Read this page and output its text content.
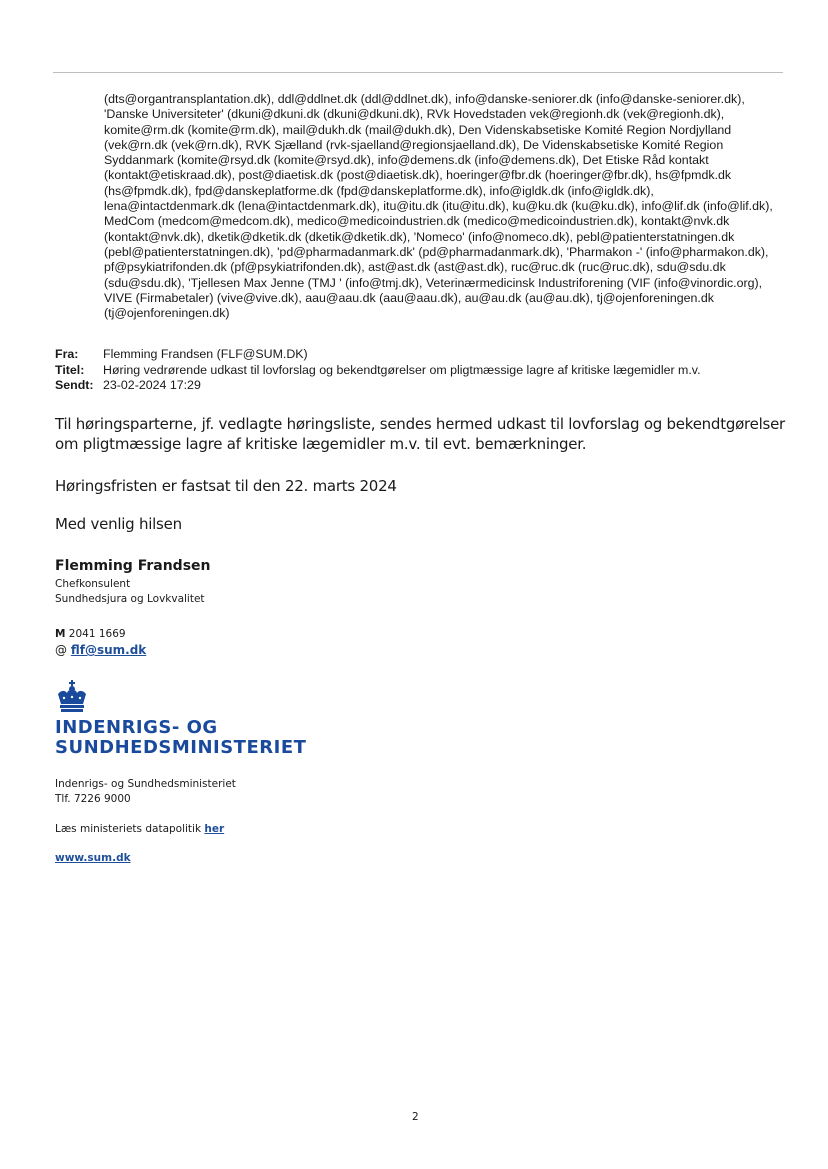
(dts@organtransplantation.dk), ddl@ddlnet.dk (ddl@ddlnet.dk), info@danske-seniorer.dk (info@danske-seniorer.dk), 'Danske Universiteter' (dkuni@dkuni.dk (dkuni@dkuni.dk), RVk Hovedstaden vek@regionh.dk (vek@regionh.dk), komite@rm.dk (komite@rm.dk), mail@dukh.dk (mail@dukh.dk), Den Videnskabsetiske Komité Region Nordjylland (vek@rn.dk (vek@rn.dk), RVK Sjælland (rvk-sjaelland@regionsjaelland.dk), De Videnskabsetiske Komité Region Syddanmark (komite@rsyd.dk (komite@rsyd.dk), info@demens.dk (info@demens.dk), Det Etiske Råd kontakt (kontakt@etiskraad.dk), post@diaetisk.dk (post@diaetisk.dk), hoeringer@fbr.dk (hoeringer@fbr.dk), hs@fpmdk.dk (hs@fpmdk.dk), fpd@danskeplatforme.dk (fpd@danskeplatforme.dk), info@igldk.dk (info@igldk.dk), lena@intactdenmark.dk (lena@intactdenmark.dk), itu@itu.dk (itu@itu.dk), ku@ku.dk (ku@ku.dk), info@lif.dk (info@lif.dk), MedCom (medcom@medcom.dk), medico@medicoindustrien.dk (medico@medicoindustrien.dk), kontakt@nvk.dk (kontakt@nvk.dk), dketik@dketik.dk (dketik@dketik.dk), 'Nomeco' (info@nomeco.dk), pebl@patienterstatningen.dk (pebl@patienterstatningen.dk), 'pd@pharmadanmark.dk' (pd@pharmadanmark.dk), 'Pharmakon -' (info@pharmakon.dk), pf@psykiatrifonden.dk (pf@psykiatrifonden.dk), ast@ast.dk (ast@ast.dk), ruc@ruc.dk (ruc@ruc.dk), sdu@sdu.dk (sdu@sdu.dk), 'Tjellesen Max Jenne (TMJ ' (info@tmj.dk), Veterinærmedicinsk Industriforening (VIF (info@vinordic.org), VIVE (Firmabetaler) (vive@vive.dk), aau@aau.dk (aau@aau.dk), au@au.dk (au@au.dk), tj@ojenforeningen.dk (tj@ojenforeningen.dk)
Fra: Flemming Frandsen (FLF@SUM.DK)
Titel: Høring vedrørende udkast til lovforslag og bekendtgørelser om pligtmæssige lagre af kritiske lægemidler m.v.
Sendt: 23-02-2024 17:29
Til høringsparterne, jf. vedlagte høringsliste, sendes hermed udkast til lovforslag og bekendtgørelser om pligtmæssige lagre af kritiske lægemidler m.v. til evt. bemærkninger.
Høringsfristen er fastsat til den 22. marts 2024
Med venlig hilsen
Flemming Frandsen
Chefkonsulent
Sundhedsjura og Lovkvalitet
M 2041 1669
@ flf@sum.dk
INDENRIGS- OG
SUNDHEDSMINISTERIET
Indenrigs- og Sundhedsministeriet
Tlf. 7226 9000
Læs ministeriets datapolitik her
www.sum.dk
2
